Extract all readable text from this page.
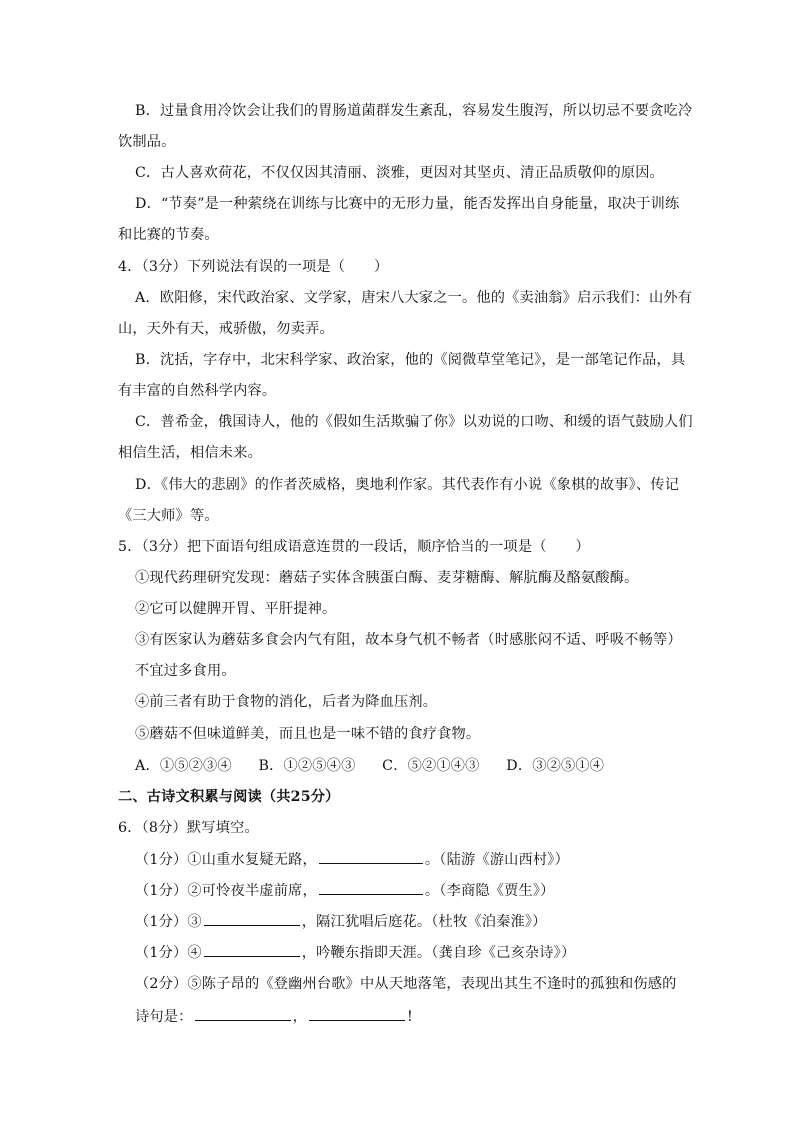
B．过量食用冷饮会让我们的胃肠道菌群发生紊乱，容易发生腹泻，所以切忌不要贪吃冷
饮制品。
C．古人喜欢荷花，不仅仅因其清丽、淡雅，更因对其坚贞、清正品质敬仰的原因。
D．“节奏”是一种萦绕在训练与比赛中的无形力量，能否发挥出自身能量，取决于训练
和比赛的节奏。
4．（3分）下列说法有误的一项是（　　）
A．欧阳修，宋代政治家、文学家，唐宋八大家之一。他的《卖油翁》启示我们：山外有
山，天外有天，戒骄傲，勿卖弄。
B．沈括，字存中，北宋科学家、政治家，他的《阅微草堂笔记》，是一部笔记作品，具
有丰富的自然科学内容。
C．普希金，俄国诗人，他的《假如生活欺骗了你》以劝说的口吻、和缓的语气鼓励人们
相信生活，相信未来。
D．《伟大的悲剧》的作者茨威格，奥地利作家。其代表作有小说《象棋的故事》、传记
《三大师》等。
5．（3分）把下面语句组成语意连贯的一段话，顺序恰当的一项是（　　）
①现代药理研究发现：蘑菇子实体含胰蛋白酶、麦芽糖酶、解肮酶及酪氨酸酶。
②它可以健脾开胃、平肝提神。
③有医家认为蘑菇多食会内气有阻，故本身气机不畅者（时感胀闷不适、呼吸不畅等）
不宜过多食用。
④前三者有助于食物的消化，后者为降血压剂。
⑤蘑菇不但味道鲜美，而且也是一味不错的食疗食物。
A．①⑤②③④ B．①②⑤④③ C．⑤②①④③ D．③②⑤①④
二、古诗文积累与阅读（共25分）
6．（8分）默写填空。
（1分）①山重水复疑无路，	。（陆游《游山西村》）
（1分）②可怜夜半虚前席，	。（李商隐《贾生》）
（1分）③	，隔江犹唱后庭花。（杜牧《泊秦淮》）
（1分）④	，吟鞭东指即天涯。（龚自珍《己亥杂诗》）
（2分）⑤陈子昂的《登幽州台歌》中从天地落笔，表现出其生不逢时的孤独和伤感的
诗句是：	，	!
